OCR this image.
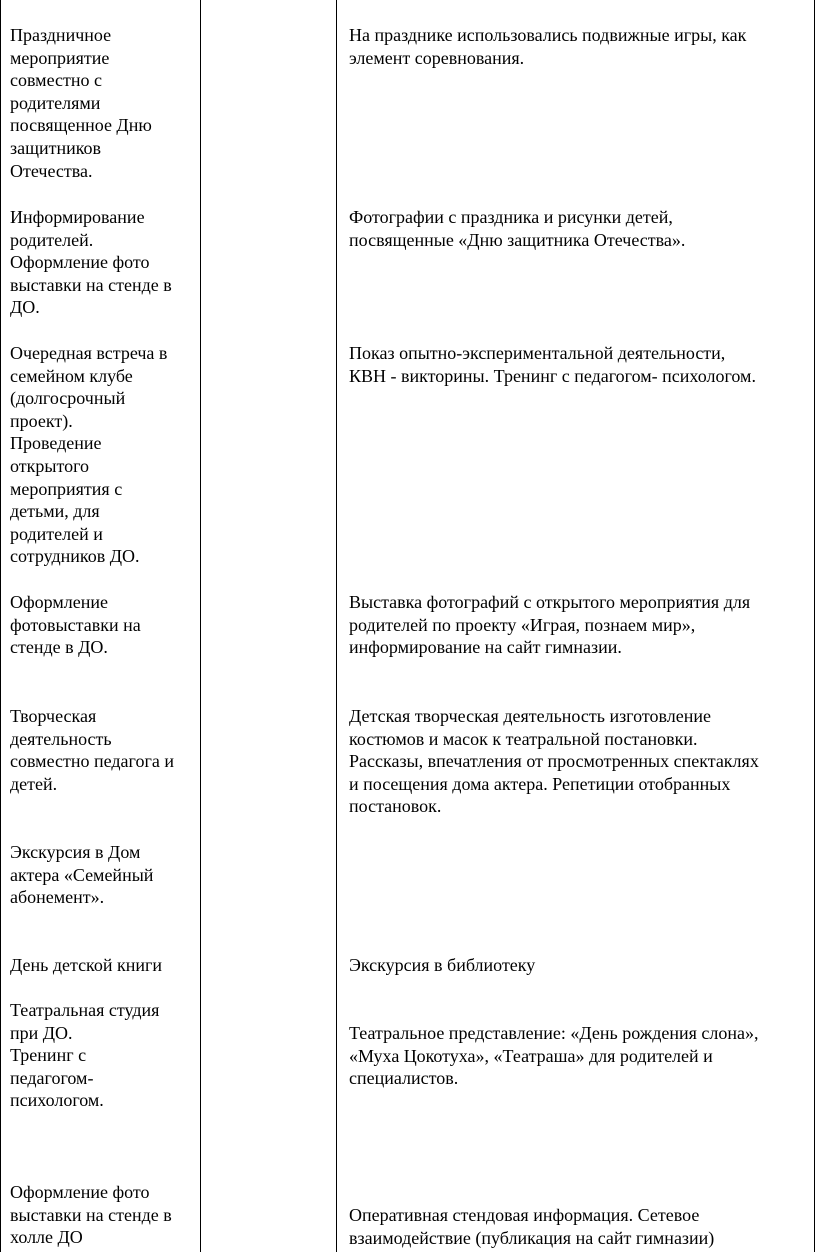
Праздничное
мероприятие
совместно с
родителями
посвященное Дню
защитников
Отечества.

На празднике использовались подвижные игры, как
элемент соревнования.

Информирование
родителей.
Оформление фото
выставки на стенде в
ДО.

Фотографии с праздника и рисунки детей,
посвященные «Дню защитника Отечества».

Очередная встреча в
семейном клубе
(долгосрочный
проект).
Проведение
открытого
мероприятия с
детьми, для
родителей и
сотрудников ДО.

Показ опытно-экспериментальной деятельности,
КВН - викторины. Тренинг с педагогом- психологом.

Оформление
фотовыставки на
стенде в ДО.

Выставка фотографий с открытого мероприятия для
родителей по проекту «Играя, познаем мир»,
информирование на сайт гимназии.

Творческая
деятельность
совместно педагога и
детей.

Детская творческая деятельность изготовление
костюмов и масок к театральной постановки.
Рассказы, впечатления от просмотренных спектаклях
и посещения дома актера. Репетиции отобранных
постановок.

Экскурсия в Дом
актера «Семейный
абонемент».

День детской книги	Экскурсия в библиотеку

Театральная студия
при ДО.
Тренинг с
педагогом-
психологом.

Театральное представление: «День рождения слона»,
«Муха Цокотуха», «Театраша» для родителей и
специалистов.

Оформление фото
выставки на стенде в
холле ДО

Оперативная стендовая информация. Сетевое
взаимодействие (публикация на сайт гимназии)
